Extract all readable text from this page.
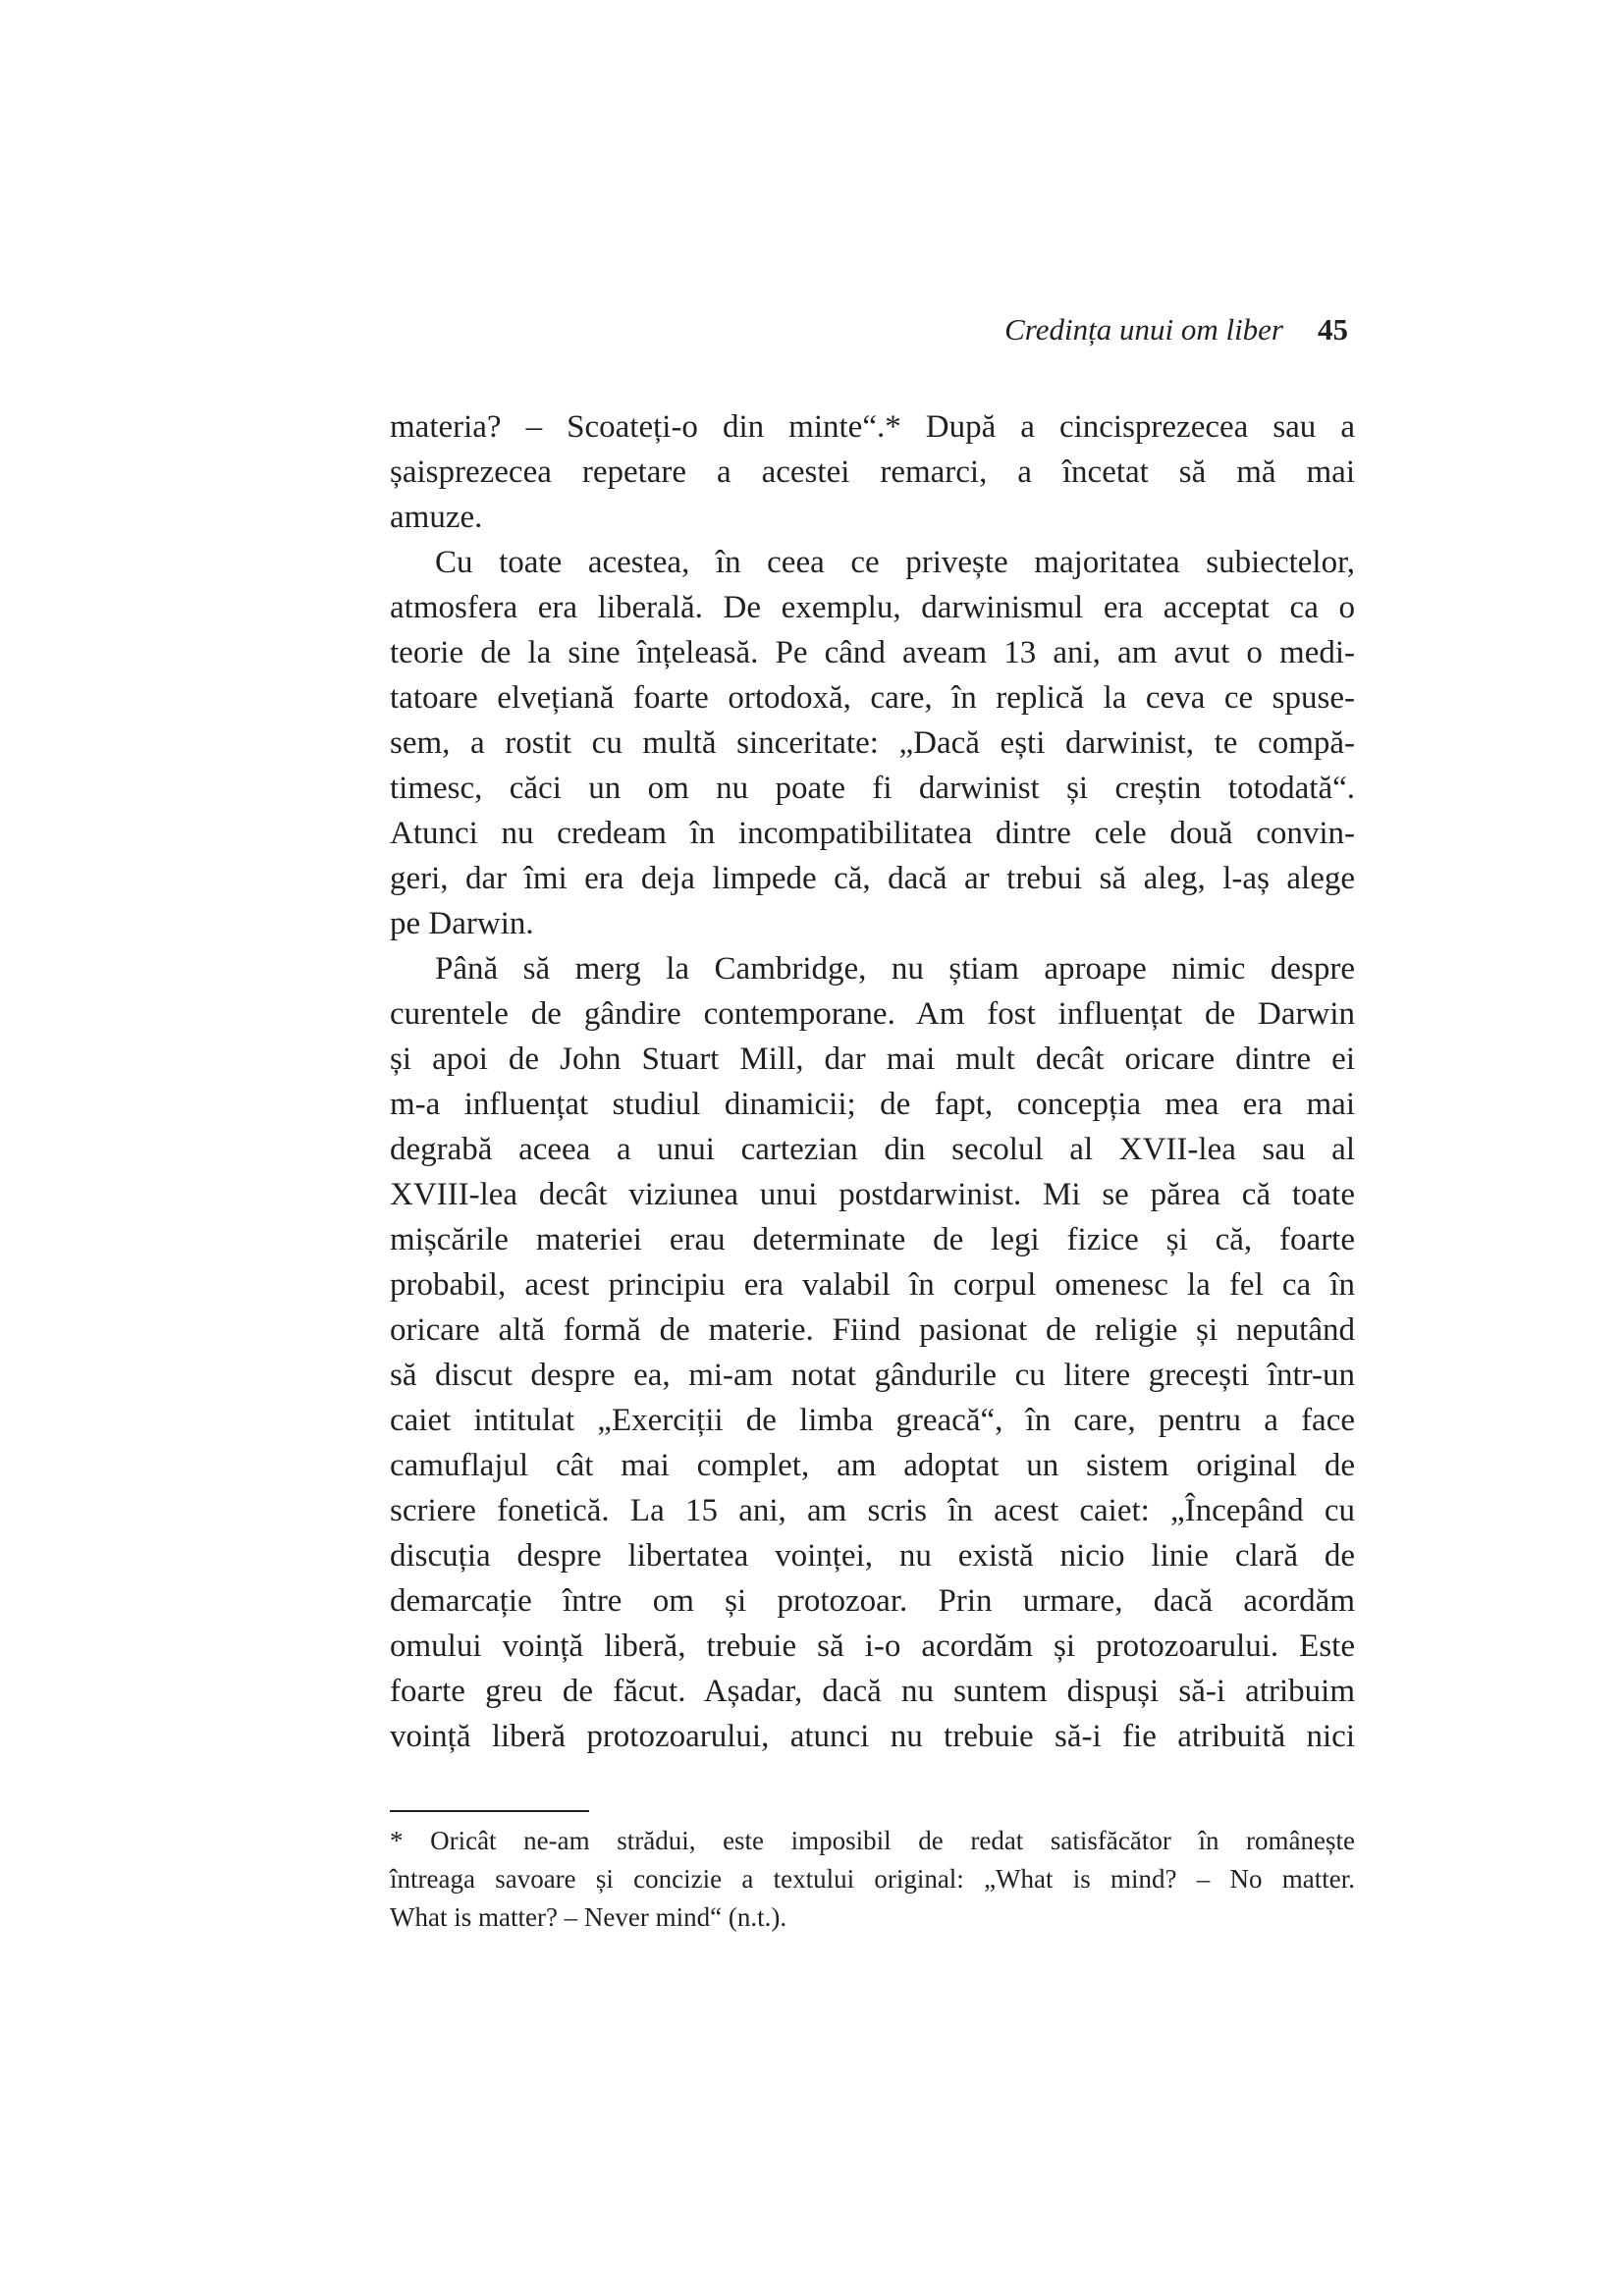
Credința unui om liber 45
materia? – Scoateți-o din minte“.* După a cincisprezecea sau a
șaisprezecea repetare a acestei remarci, a încetat să mă mai
amuze.
Cu toate acestea, în ceea ce privește majoritatea subiectelor,
atmosfera era liberală. De exemplu, darwinismul era acceptat ca o
teorie de la sine înțeleasă. Pe când aveam 13 ani, am avut o medi-
tatoare elvețiană foarte ortodoxă, care, în replică la ceva ce spuse-
sem, a rostit cu multă sinceritate: „Dacă ești darwinist, te compă-
timesc, căci un om nu poate fi darwinist și creștin totodată“.
Atunci nu credeam în incompatibilitatea dintre cele două convin-
geri, dar îmi era deja limpede că, dacă ar trebui să aleg, l-aș alege
pe Darwin.
Până să merg la Cambridge, nu știam aproape nimic despre
curentele de gândire contemporane. Am fost influențat de Darwin
și apoi de John Stuart Mill, dar mai mult decât oricare dintre ei
m-a influențat studiul dinamicii; de fapt, concepția mea era mai
degrabă aceea a unui cartezian din secolul al XVII-lea sau al
XVIII-lea decât viziunea unui postdarwinist. Mi se părea că toate
mișcările materiei erau determinate de legi fizice și că, foarte
probabil, acest principiu era valabil în corpul omenesc la fel ca în
oricare altă formă de materie. Fiind pasionat de religie și neputând
să discut despre ea, mi-am notat gândurile cu litere grecești într-un
caiet intitulat „Exerciții de limba greacă“, în care, pentru a face
camuflajul cât mai complet, am adoptat un sistem original de
scriere fonetică. La 15 ani, am scris în acest caiet: „Începând cu
discuția despre libertatea voinței, nu există nicio linie clară de
demarcație între om și protozoar. Prin urmare, dacă acordăm
omului voință liberă, trebuie să i-o acordăm și protozoarului. Este
foarte greu de făcut. Așadar, dacă nu suntem dispuși să-i atribuim
voință liberă protozoarului, atunci nu trebuie să-i fie atribuită nici
* Oricât ne-am strădui, este imposibil de redat satisfăcător în românește
întreaga savoare și concizie a textului original: „What is mind? – No matter.
What is matter? – Never mind“ (n.t.).
